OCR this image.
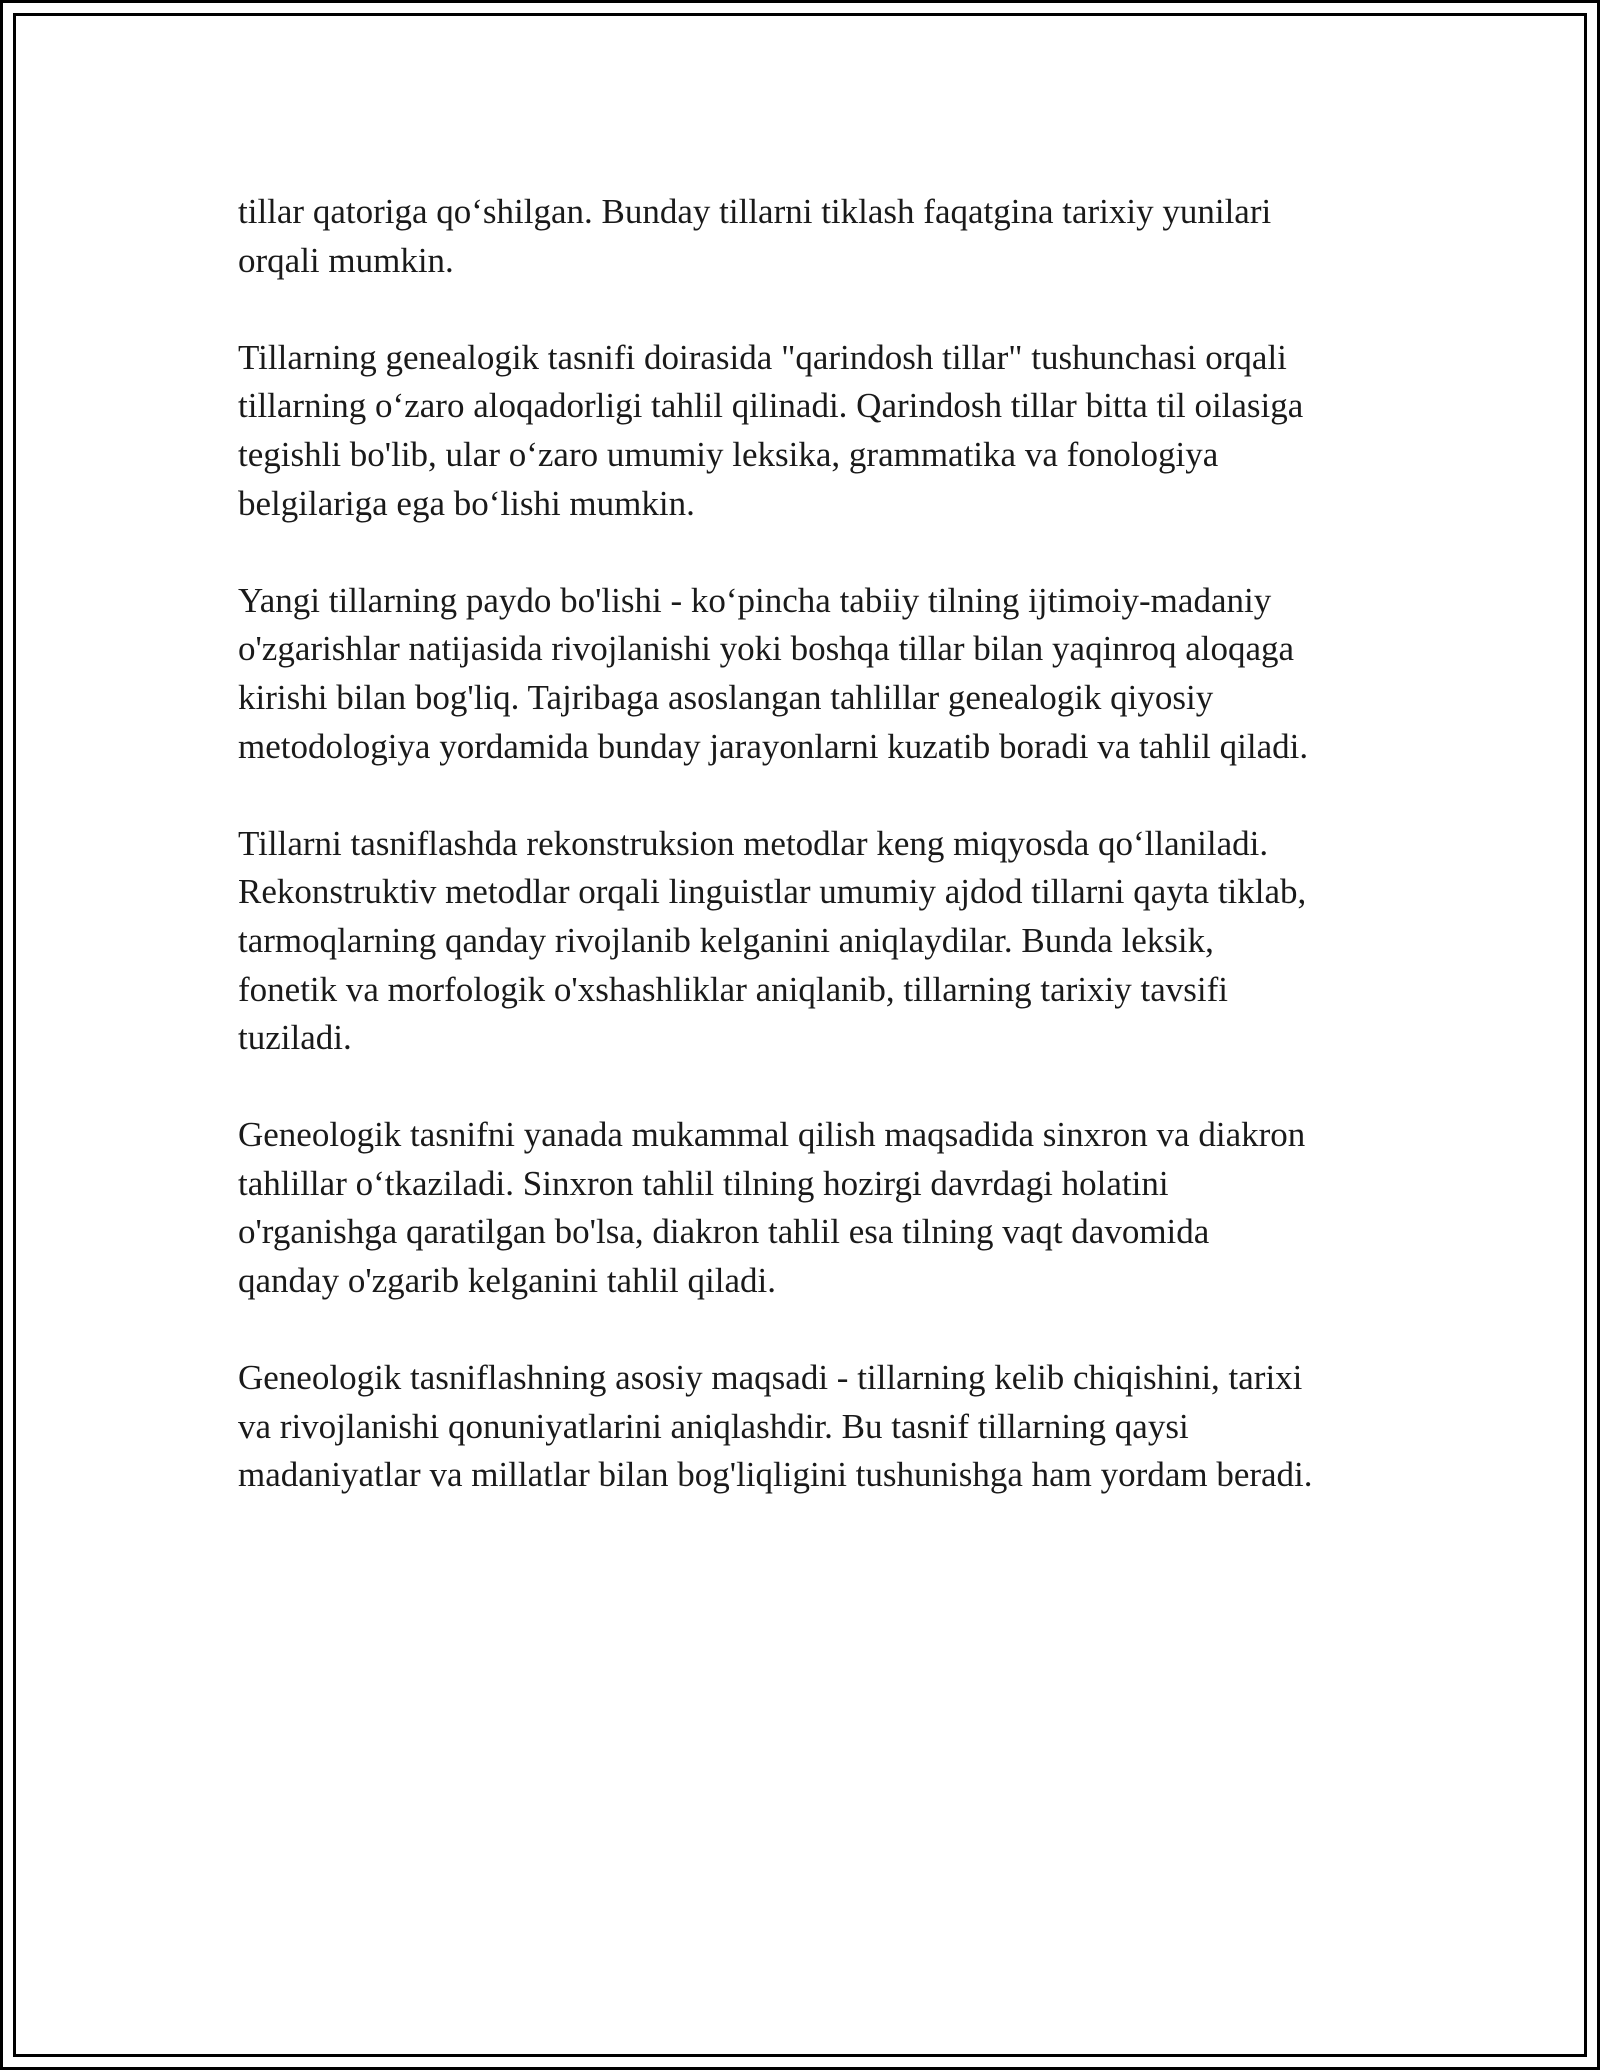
tillar qatoriga qo‘shilgan. Bunday tillarni tiklash faqatgina tarixiy yunilari
orqali mumkin.

Tillarning genealogik tasnifi doirasida "qarindosh tillar" tushunchasi orqali
tillarning o‘zaro aloqadorligi tahlil qilinadi. Qarindosh tillar bitta til oilasiga
tegishli bo'lib, ular o‘zaro umumiy leksika, grammatika va fonologiya
belgilariga ega bo‘lishi mumkin.

Yangi tillarning paydo bo'lishi - ko‘pincha tabiiy tilning ijtimoiy-madaniy
o'zgarishlar natijasida rivojlanishi yoki boshqa tillar bilan yaqinroq aloqaga
kirishi bilan bog'liq. Tajribaga asoslangan tahlillar genealogik qiyosiy
metodologiya yordamida bunday jarayonlarni kuzatib boradi va tahlil qiladi.

Tillarni tasniflashda rekonstruksion metodlar keng miqyosda qo‘llaniladi.
Rekonstruktiv metodlar orqali linguistlar umumiy ajdod tillarni qayta tiklab,
tarmoqlarning qanday rivojlanib kelganini aniqlaydilar. Bunda leksik,
fonetik va morfologik o'xshashliklar aniqlanib, tillarning tarixiy tavsifi
tuziladi.

Geneologik tasnifni yanada mukammal qilish maqsadida sinxron va diakron
tahlillar o‘tkaziladi. Sinxron tahlil tilning hozirgi davrdagi holatini
o'rganishga qaratilgan bo'lsa, diakron tahlil esa tilning vaqt davomida
qanday o'zgarib kelganini tahlil qiladi.

Geneologik tasniflashning asosiy maqsadi - tillarning kelib chiqishini, tarixi
va rivojlanishi qonuniyatlarini aniqlashdir. Bu tasnif tillarning qaysi
madaniyatlar va millatlar bilan bog'liqligini tushunishga ham yordam beradi.
